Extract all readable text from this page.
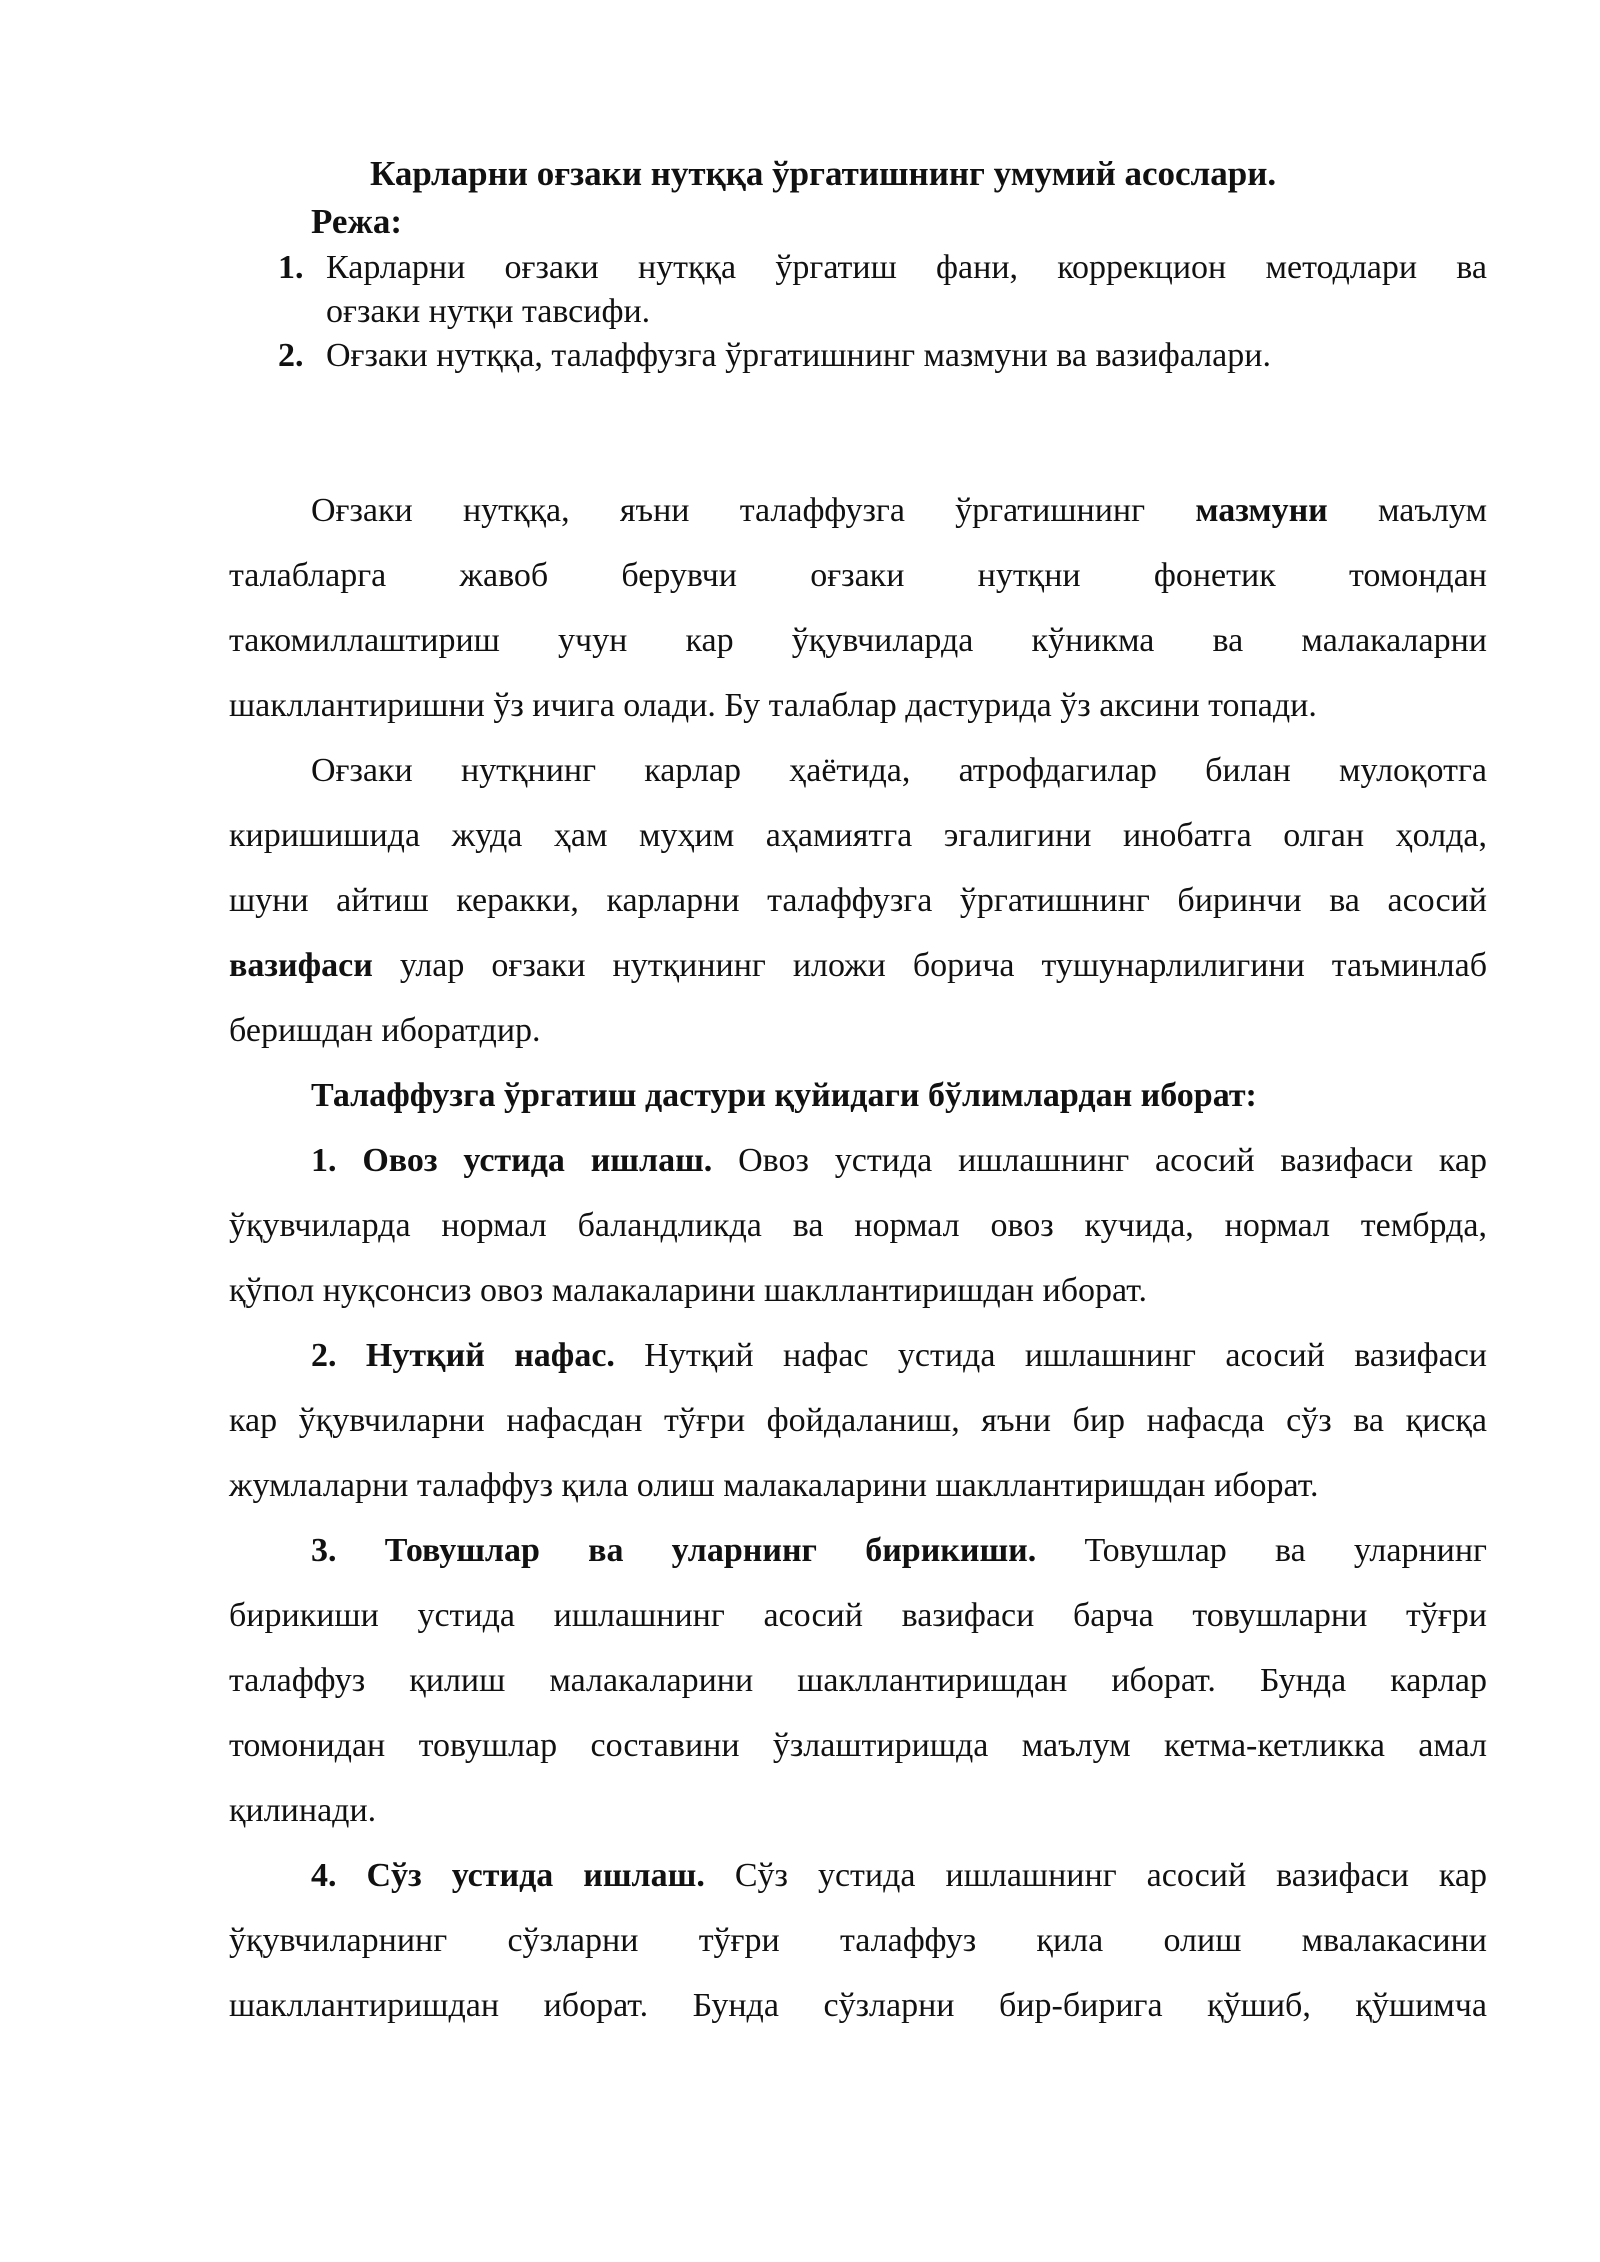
Карларни оғзаки нутққа ўргатишнинг умумий асослари.

Режа:

1. Карларни оғзаки нутққа ўргатиш фани, коррекцион методлари ва
оғзаки нутқи тавсифи.
2. Оғзаки нутққа, талаффузга ўргатишнинг мазмуни ва вазифалари.
Оғзаки нутққа, яъни талаффузга ўргатишнинг мазмуни маълум
талабларга жавоб берувчи оғзаки нутқни фонетик томондан
такомиллаштириш учун кар ўқувчиларда кўникма ва малакаларни
шакллантиришни ўз ичига олади. Бу талаблар дастурида ўз аксини топади.
Оғзаки нутқнинг карлар ҳаётида, атрофдагилар билан мулоқотга
киришишида жуда ҳам муҳим аҳамиятга эгалигини инобатга олган ҳолда,
шуни айтиш керакки, карларни талаффузга ўргатишнинг биринчи ва асосий
вазифаси улар оғзаки нутқининг иложи борича тушунарлилигини таъминлаб
беришдан иборатдир.
Талаффузга ўргатиш дастури қуйидаги бўлимлардан иборат:
1. Овоз устида ишлаш. Овоз устида ишлашнинг асосий вазифаси кар
ўқувчиларда нормал баландликда ва нормал овоз кучида, нормал тембрда,
қўпол нуқсонсиз овоз малакаларини шакллантиришдан иборат.
2. Нутқий нафас. Нутқий нафас устида ишлашнинг асосий вазифаси
кар ўқувчиларни нафасдан тўғри фойдаланиш, яъни бир нафасда сўз ва қисқа
жумлаларни талаффуз қила олиш малакаларини шакллантиришдан иборат.
3. Товушлар ва уларнинг бирикиши. Товушлар ва уларнинг
бирикиши устида ишлашнинг асосий вазифаси барча товушларни тўғри
талаффуз қилиш малакаларини шакллантиришдан иборат. Бунда карлар
томонидан товушлар составини ўзлаштиришда маълум кетма-кетликка амал
қилинади.
4. Сўз устида ишлаш. Сўз устида ишлашнинг асосий вазифаси кар
ўқувчиларнинг сўзларни тўғри талаффуз қила олиш мвалакасини
шакллантиришдан иборат. Бунда сўзларни бир-бирига қўшиб, қўшимча
